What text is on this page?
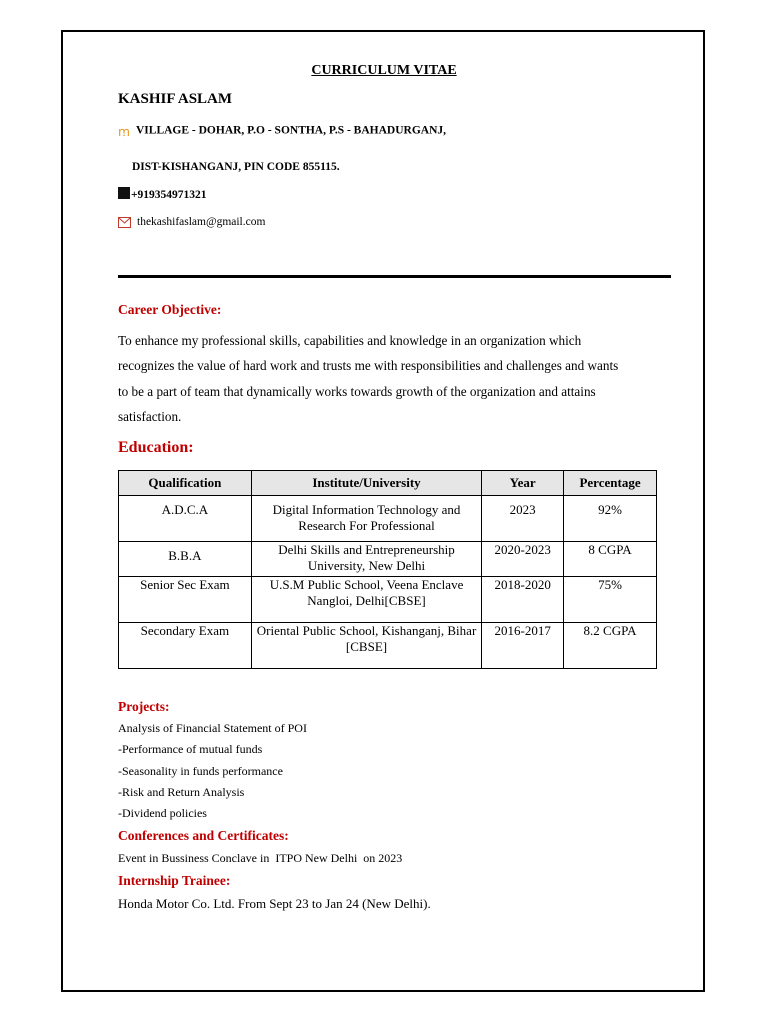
CURRICULUM VITAE
KASHIF ASLAM
ꭑ VILLAGE - DOHAR, P.O - SONTHA, P.S - BAHADURGANJ,
DIST-KISHANGANJ, PIN CODE 855115.
+919354971321
thekashifaslam@gmail.com
Career Objective:
To enhance my professional skills, capabilities and knowledge in an organization which
recognizes the value of hard work and trusts me with responsibilities and challenges and wants
to be a part of team that dynamically works towards growth of the organization and attains
satisfaction.
Education:
Qualification	Institute/University	Year	Percentage
A.D.C.A	Digital Information Technology and Research For Professional	2023	92%
B.B.A	Delhi Skills and Entrepreneurship University, New Delhi	2020-2023	8 CGPA
Senior Sec Exam	U.S.M Public School, Veena Enclave Nangloi, Delhi[CBSE]	2018-2020	75%
Secondary Exam	Oriental Public School, Kishanganj, Bihar [CBSE]	2016-2017	8.2 CGPA
Projects:
Analysis of Financial Statement of POI
-Performance of mutual funds
-Seasonality in funds performance
-Risk and Return Analysis
-Dividend policies
Conferences and Certificates:
Event in Bussiness Conclave in  ITPO New Delhi  on 2023
Internship Trainee:
Honda Motor Co. Ltd. From Sept 23 to Jan 24 (New Delhi).
